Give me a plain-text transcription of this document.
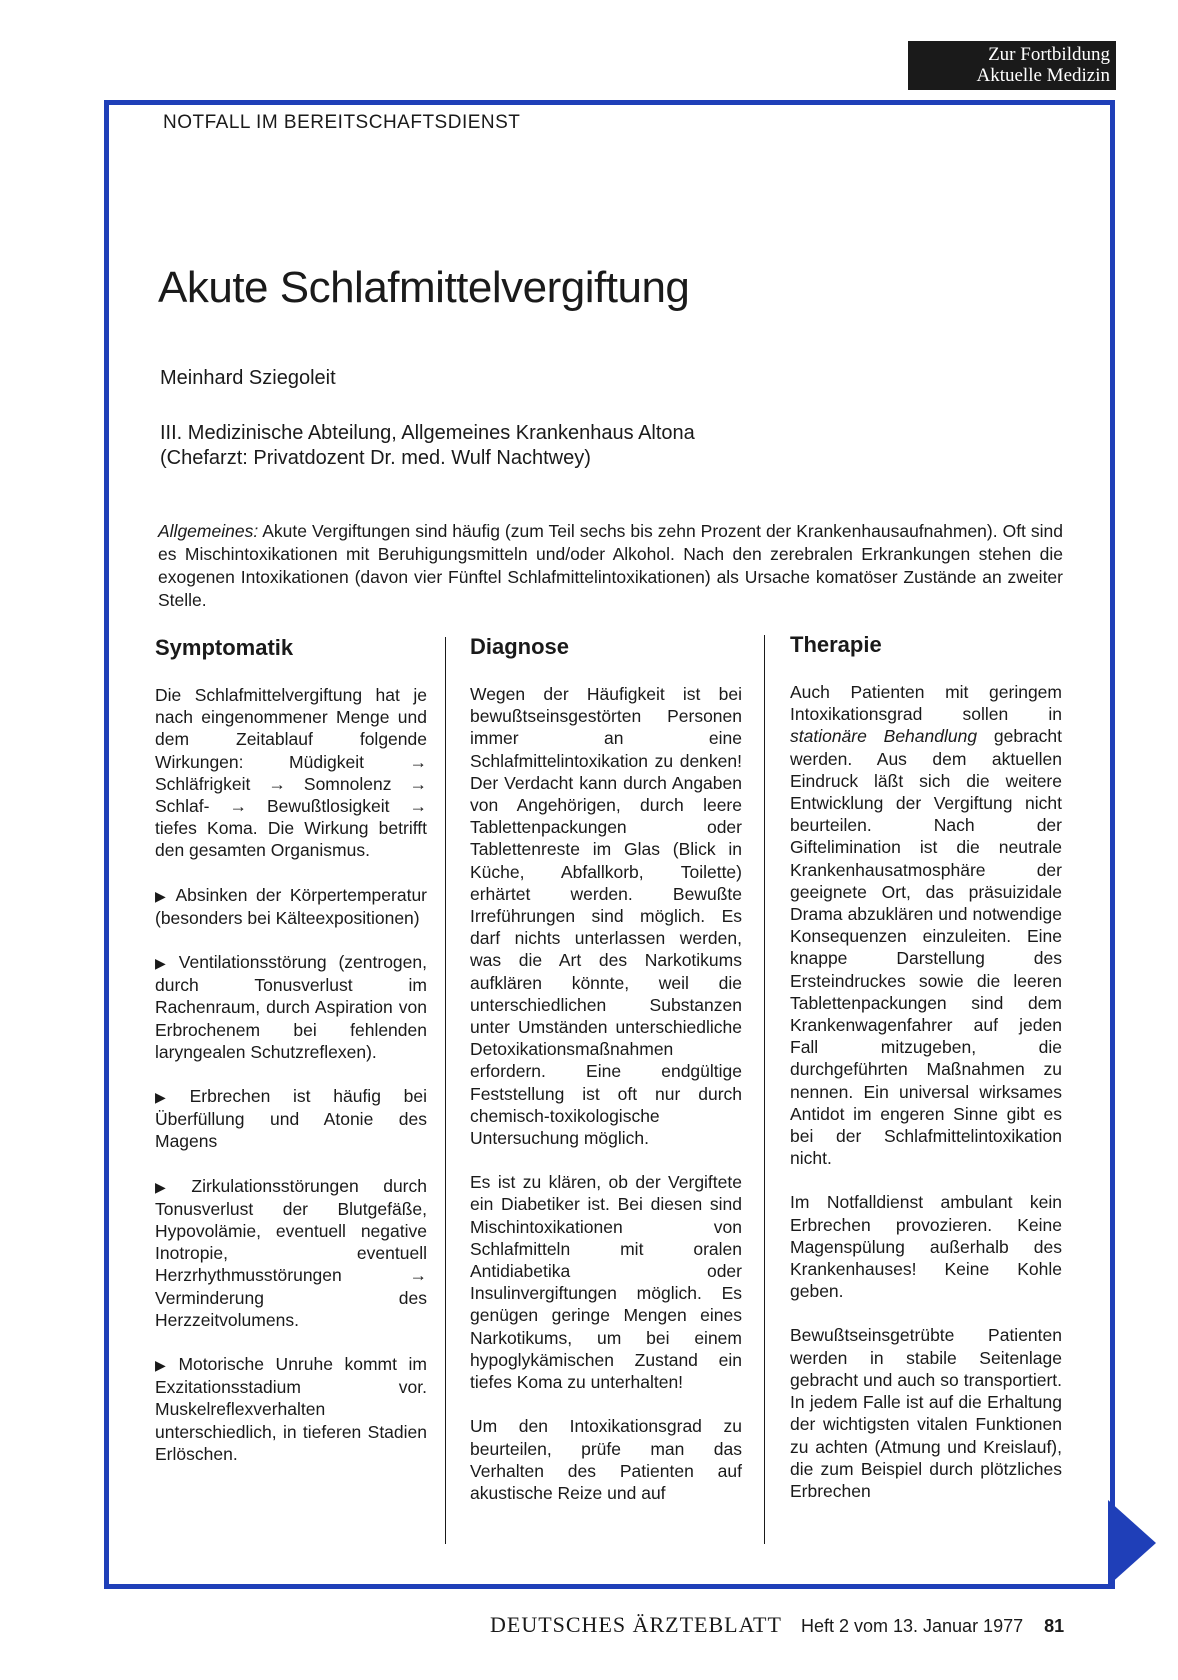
Zur Fortbildung
Aktuelle Medizin
NOTFALL IM BEREITSCHAFTSDIENST
Akute Schlafmittelvergiftung
Meinhard Sziegoleit
III. Medizinische Abteilung, Allgemeines Krankenhaus Altona
(Chefarzt: Privatdozent Dr. med. Wulf Nachtwey)
Allgemeines: Akute Vergiftungen sind häufig (zum Teil sechs bis zehn Prozent der Krankenhausaufnahmen). Oft sind es Mischintoxikationen mit Beruhigungsmitteln und/oder Alkohol. Nach den zerebralen Erkrankungen stehen die exogenen Intoxikationen (davon vier Fünftel Schlafmittelintoxikationen) als Ursache komatöser Zustände an zweiter Stelle.
Symptomatik

Die Schlafmittelvergiftung hat je nach eingenommener Menge und dem Zeitablauf folgende Wirkungen: Müdigkeit → Schläfrigkeit → Somnolenz → Schlaf- → Bewußtlosigkeit → tiefes Koma. Die Wirkung betrifft den gesamten Organismus.

▶ Absinken der Körpertemperatur (besonders bei Kälteexpositionen)

▶ Ventilationsstörung (zentrogen, durch Tonusverlust im Rachenraum, durch Aspiration von Erbrochenem bei fehlenden laryngealen Schutzreflexen).

▶ Erbrechen ist häufig bei Überfüllung und Atonie des Magens

▶ Zirkulationsstörungen durch Tonusverlust der Blutgefäße, Hypovolämie, eventuell negative Inotropie, eventuell Herzrhythmusstörungen → Verminderung des Herzzeitvolumens.

▶ Motorische Unruhe kommt im Exzitationsstadium vor. Muskelreflexverhalten unterschiedlich, in tieferen Stadien Erlöschen.

Diagnose

Wegen der Häufigkeit ist bei bewußtseinsgestörten Personen immer an eine Schlafmittelintoxikation zu denken! Der Verdacht kann durch Angaben von Angehörigen, durch leere Tablettenpackungen oder Tablettenreste im Glas (Blick in Küche, Abfallkorb, Toilette) erhärtet werden. Bewußte Irreführungen sind möglich. Es darf nichts unterlassen werden, was die Art des Narkotikums aufklären könnte, weil die unterschiedlichen Substanzen unter Umständen unterschiedliche Detoxikationsmaßnahmen erfordern. Eine endgültige Feststellung ist oft nur durch chemisch-toxikologische Untersuchung möglich.

Es ist zu klären, ob der Vergiftete ein Diabetiker ist. Bei diesen sind Mischintoxikationen von Schlafmitteln mit oralen Antidiabetika oder Insulinvergiftungen möglich. Es genügen geringe Mengen eines Narkotikums, um bei einem hypoglykämischen Zustand ein tiefes Koma zu unterhalten!

Um den Intoxikationsgrad zu beurteilen, prüfe man das Verhalten des Patienten auf akustische Reize und auf

Therapie

Auch Patienten mit geringem Intoxikationsgrad sollen in stationäre Behandlung gebracht werden. Aus dem aktuellen Eindruck läßt sich die weitere Entwicklung der Vergiftung nicht beurteilen. Nach der Giftelimination ist die neutrale Krankenhausatmosphäre der geeignete Ort, das präsuizidale Drama abzuklären und notwendige Konsequenzen einzuleiten. Eine knappe Darstellung des Ersteindruckes sowie die leeren Tablettenpackungen sind dem Krankenwagenfahrer auf jeden Fall mitzugeben, die durchgeführten Maßnahmen zu nennen. Ein universal wirksames Antidot im engeren Sinne gibt es bei der Schlafmittelintoxikation nicht.

Im Notfalldienst ambulant kein Erbrechen provozieren. Keine Magenspülung außerhalb des Krankenhauses! Keine Kohle geben.

Bewußtseinsgetrübte Patienten werden in stabile Seitenlage gebracht und auch so transportiert. In jedem Falle ist auf die Erhaltung der wichtigsten vitalen Funktionen zu achten (Atmung und Kreislauf), die zum Beispiel durch plötzliches Erbrechen

DEUTSCHES ÄRZTEBLATT Heft 2 vom 13. Januar 1977 81
